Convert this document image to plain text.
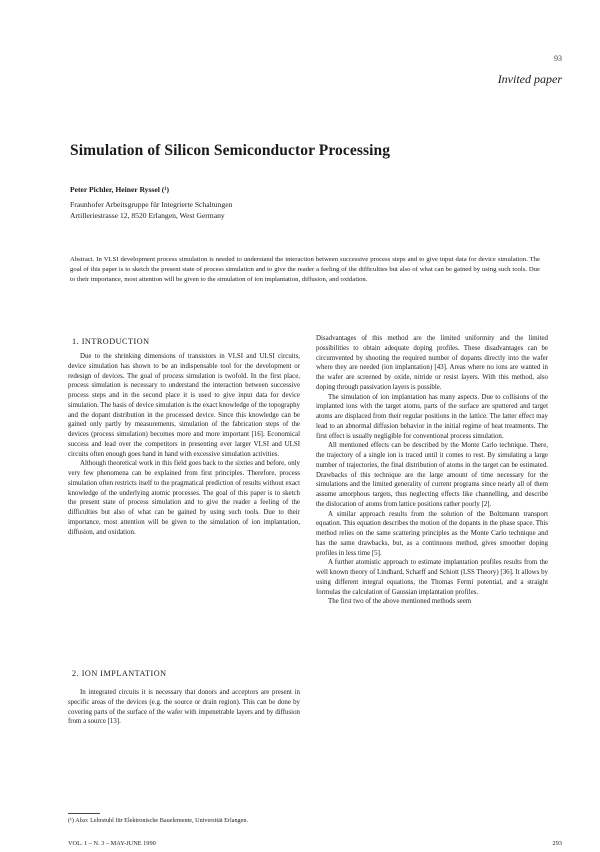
93
Invited paper
Simulation of Silicon Semiconductor Processing
Peter Pichler, Heiner Ryssel (¹)
Fraunhofer Arbeitsgruppe für Integrierte Schaltungen
Artilleriestrasse 12, 8520 Erlangen, West Germany
Abstract. In VLSI development process simulation is needed to understand the interaction between successive process steps and to give input data for device simulation. The goal of this paper is to sketch the present state of process simulation and to give the reader a feeling of the difficulties but also of what can be gained by using such tools. Due to their importance, most attention will be given to the simulation of ion implantation, diffusion, and oxidation.
1. INTRODUCTION

Due to the shrinking dimensions of transistors in VLSI and ULSI circuits, device simulation has shown to be an indispensable tool for the development or redesign of devices. The goal of process simulation is twofold. In the first place, process simulation is necessary to understand the interaction between successive process steps and in the second place it is used to give input data for device simulation. The basis of device simulation is the exact knowledge of the topography and the dopant distribution in the processed device. Since this knowledge can be gained only partly by measurements, simulation of the fabrication steps of the devices (process simulation) becomes more and more important [16]. Economical success and lead over the competitors in presenting ever larger VLSI and ULSI circuits often enough goes hand in hand with excessive simulation activities.

Although theoretical work in this field goes back to the sixties and before, only very few phenomena can be explained from first principles. Therefore, process simulation often restricts itself to the pragmatical prediction of results without exact knowledge of the underlying atomic processes. The goal of this paper is to sketch the present state of process simulation and to give the reader a feeling of the difficulties but also of what can be gained by using such tools. Due to their importance, most attention will be given to the simulation of ion implantation, diffusion, and oxidation.

2. ION IMPLANTATION

In integrated circuits it is necessary that donors and acceptors are present in specific areas of the devices (e.g. the source or drain region). This can be done by covering parts of the surface of the wafer with impenetrable layers and by diffusion from a source [13].

(¹) Also: Lehrstuhl für Elektronische Bauelemente, Universität Erlangen.

Disadvantages of this method are the limited uniformity and the limited possibilities to obtain adequate doping profiles. These disadvantages can be circumvented by shooting the required number of dopants directly into the wafer where they are needed (ion implantation) [43]. Areas where no ions are wanted in the wafer are screened by oxide, nitride or resist layers. With this method, also doping through passivation layers is possible.

The simulation of ion implantation has many aspects. Due to collisions of the implanted ions with the target atoms, parts of the surface are sputtered and target atoms are displaced from their regular positions in the lattice. The latter effect may lead to an abnormal diffusion behavior in the initial regime of heat treatments. The first effect is usually negligible for conventional process simulation.

All mentioned effects can be described by the Monte Carlo technique. There, the trajectory of a single ion is traced until it comes to rest. By simulating a large number of trajectories, the final distribution of atoms in the target can be estimated. Drawbacks of this technique are the large amount of time necessary for the simulations and the limited generality of current programs since nearly all of them assume amorphous targets, thus neglecting effects like channelling, and describe the dislocation of atoms from lattice positions rather poorly [2].

A similar approach results from the solution of the Boltzmann transport equation. This equation describes the motion of the dopants in the phase space. This method relies on the same scattering principles as the Monte Carlo technique and has the same drawbacks, but, as a continuous method, gives smoother doping profiles in less time [5].

A further atomistic approach to estimate implantation profiles results from the well known theory of Lindhard, Scharff and Schiott (LSS Theory) [36]. It allows by using different integral equations, the Thomas Fermi potential, and a straight formulas the calculation of Gaussian implantation profiles.

The first two of the above mentioned methods seem

VOL. 1 – N. 3 – MAY-JUNE 1990	293
